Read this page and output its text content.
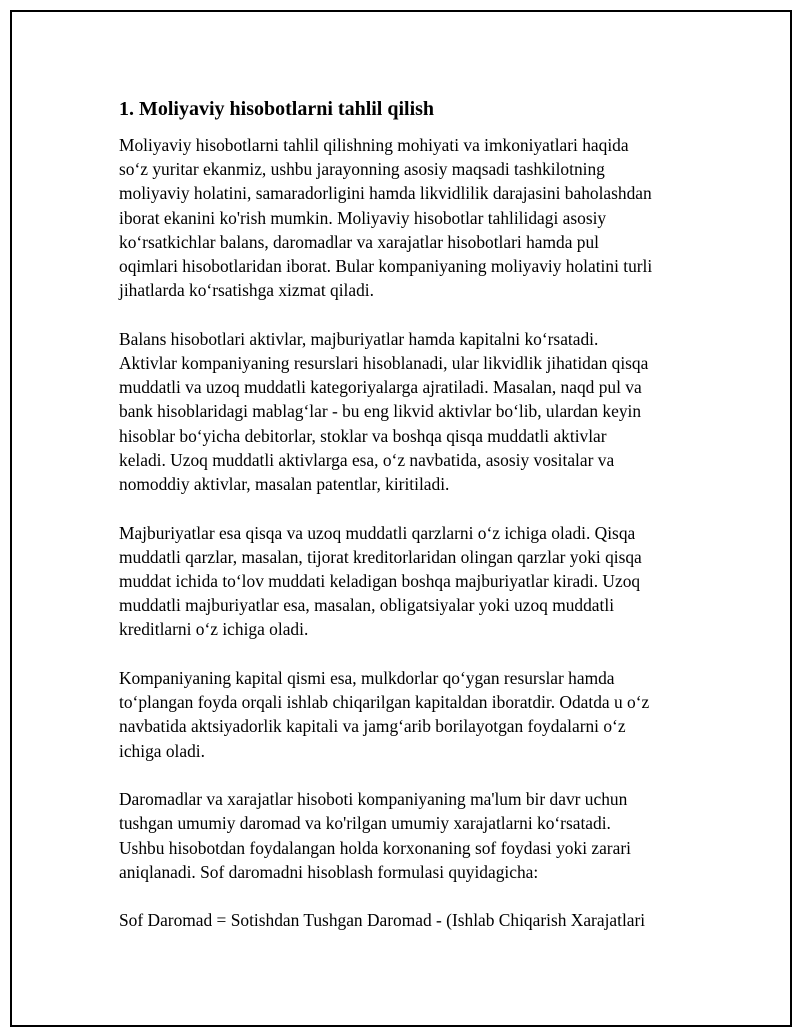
1. Moliyaviy hisobotlarni tahlil qilish
Moliyaviy hisobotlarni tahlil qilishning mohiyati va imkoniyatlari haqida
so‘z yuritar ekanmiz, ushbu jarayonning asosiy maqsadi tashkilotning
moliyaviy holatini, samaradorligini hamda likvidlilik darajasini baholashdan
iborat ekanini ko'rish mumkin. Moliyaviy hisobotlar tahlilidagi asosiy
ko‘rsatkichlar balans, daromadlar va xarajatlar hisobotlari hamda pul
oqimlari hisobotlaridan iborat. Bular kompaniyaning moliyaviy holatini turli
jihatlarda ko‘rsatishga xizmat qiladi.
Balans hisobotlari aktivlar, majburiyatlar hamda kapitalni ko‘rsatadi.
Aktivlar kompaniyaning resurslari hisoblanadi, ular likvidlik jihatidan qisqa
muddatli va uzoq muddatli kategoriyalarga ajratiladi. Masalan, naqd pul va
bank hisoblaridagi mablag‘lar - bu eng likvid aktivlar bo‘lib, ulardan keyin
hisoblar bo‘yicha debitorlar, stoklar va boshqa qisqa muddatli aktivlar
keladi. Uzoq muddatli aktivlarga esa, o‘z navbatida, asosiy vositalar va
nomoddiy aktivlar, masalan patentlar, kiritiladi.
Majburiyatlar esa qisqa va uzoq muddatli qarzlarni o‘z ichiga oladi. Qisqa
muddatli qarzlar, masalan, tijorat kreditorlaridan olingan qarzlar yoki qisqa
muddat ichida to‘lov muddati keladigan boshqa majburiyatlar kiradi. Uzoq
muddatli majburiyatlar esa, masalan, obligatsiyalar yoki uzoq muddatli
kreditlarni o‘z ichiga oladi.
Kompaniyaning kapital qismi esa, mulkdorlar qo‘ygan resurslar hamda
to‘plangan foyda orqali ishlab chiqarilgan kapitaldan iboratdir. Odatda u o‘z
navbatida aktsiyadorlik kapitali va jamg‘arib borilayotgan foydalarni o‘z
ichiga oladi.
Daromadlar va xarajatlar hisoboti kompaniyaning ma'lum bir davr uchun
tushgan umumiy daromad va ko'rilgan umumiy xarajatlarni ko‘rsatadi.
Ushbu hisobotdan foydalangan holda korxonaning sof foydasi yoki zarari
aniqlanadi. Sof daromadni hisoblash formulasi quyidagicha:
Sof Daromad = Sotishdan Tushgan Daromad - (Ishlab Chiqarish Xarajatlari
